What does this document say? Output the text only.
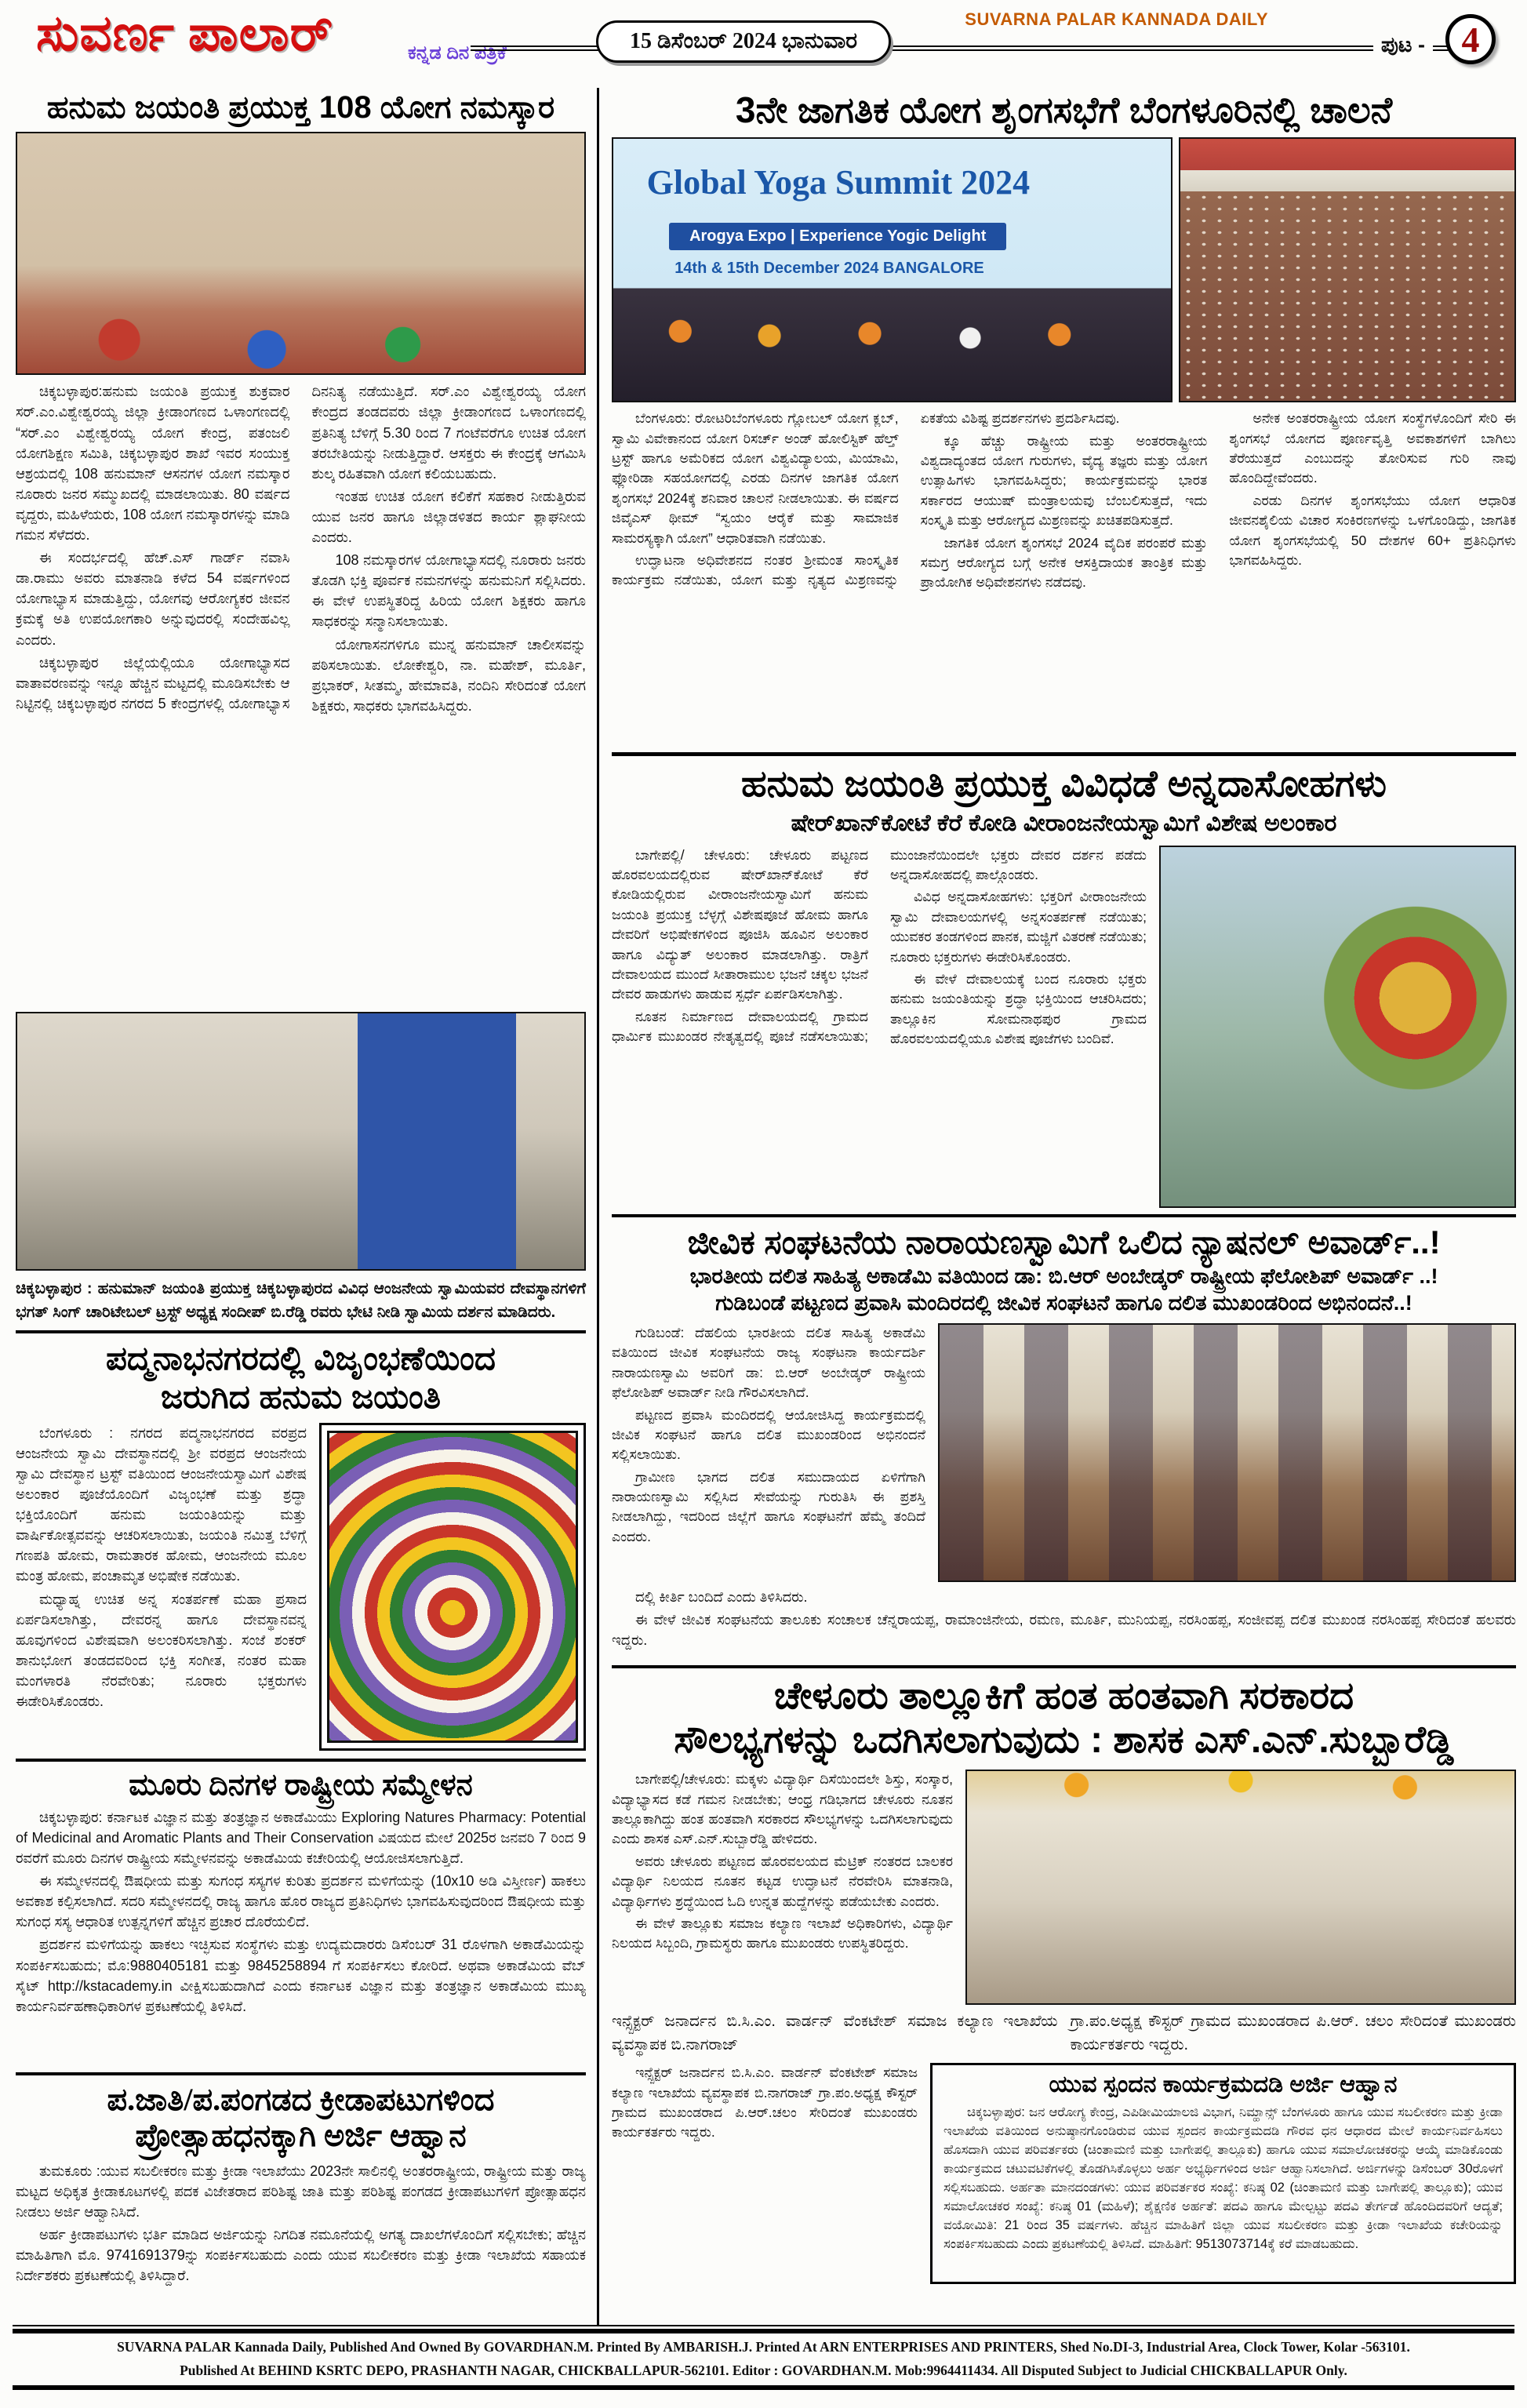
ಸುವರ್ಣ ಪಾಲಾರ್	ಕನ್ನಡ ದಿನ ಪತ್ರಿಕೆ	15 ಡಿಸೆಂಬರ್ 2024 ಭಾನುವಾರ
SUVARNA PALAR KANNADA DAILY
ಪುಟ -	4
ಹನುಮ ಜಯಂತಿ ಪ್ರಯುಕ್ತ 108 ಯೋಗ ನಮಸ್ಕಾರ

ಚಿಕ್ಕಬಳ್ಳಾಪುರ:ಹನುಮ ಜಯಂತಿ ಪ್ರಯುಕ್ತ ಶುಕ್ರವಾರ ಸರ್.ಎಂ.ವಿಶ್ವೇಶ್ವರಯ್ಯ ಜಿಲ್ಲಾ ಕ್ರೀಡಾಂಗಣದ ಒಳಾಂಗಣದಲ್ಲಿ “ಸರ್.ಎಂ ವಿಶ್ವೇಶ್ವರಯ್ಯ ಯೋಗ ಕೇಂದ್ರ, ಪತಂಜಲಿ ಯೋಗಶಿಕ್ಷಣ ಸಮಿತಿ, ಚಿಕ್ಕಬಳ್ಳಾಪುರ ಶಾಖೆ ಇವರ ಸಂಯುಕ್ತ ಆಶ್ರಯದಲ್ಲಿ 108 ಹನುಮಾನ್ ಆಸನಗಳ ಯೋಗ ನಮಸ್ಕಾರ ನೂರಾರು ಜನರ ಸಮ್ಮುಖದಲ್ಲಿ ಮಾಡಲಾಯಿತು. 80 ವರ್ಷದ ವೃದ್ದರು, ಮಹಿಳೆಯರು, 108 ಯೋಗ ನಮಸ್ಕಾರಗಳನ್ನು ಮಾಡಿ ಗಮನ ಸೆಳೆದರು.

ಈ ಸಂದರ್ಭದಲ್ಲಿ ಹೆಚ್.ಎಸ್ ಗಾರ್ಡ್ ನವಾಸಿ ಡಾ.ರಾಮು ಅವರು ಮಾತನಾಡಿ ಕಳೆದ 54 ವರ್ಷಗಳಿಂದ ಯೋಗಾಭ್ಯಾಸ ಮಾಡುತ್ತಿದ್ದು, ಯೋಗವು ಆರೋಗ್ಯಕರ ಜೀವನ ಕ್ರಮಕ್ಕೆ ಅತಿ ಉಪಯೋಗಕಾರಿ ಅನ್ನುವುದರಲ್ಲಿ ಸಂದೇಹವಿಲ್ಲ ಎಂದರು.

ಚಿಕ್ಕಬಳ್ಳಾಪುರ ಜಿಲ್ಲೆಯಲ್ಲಿಯೂ ಯೋಗಾಭ್ಯಾಸದ ವಾತಾವರಣವನ್ನು ಇನ್ನೂ ಹೆಚ್ಚಿನ ಮಟ್ಟದಲ್ಲಿ ಮೂಡಿಸಬೇಕು ಆ ನಿಟ್ಟಿನಲ್ಲಿ ಚಿಕ್ಕಬಳ್ಳಾಪುರ ನಗರದ 5 ಕೇಂದ್ರಗಳಲ್ಲಿ ಯೋಗಾಭ್ಯಾಸ ದಿನನಿತ್ಯ ನಡೆಯುತ್ತಿದೆ. ಸರ್.ಎಂ ವಿಶ್ವೇಶ್ವರಯ್ಯ ಯೋಗ ಕೇಂದ್ರದ ತಂಡದವರು ಜಿಲ್ಲಾ ಕ್ರೀಡಾಂಗಣದ ಒಳಾಂಗಣದಲ್ಲಿ ಪ್ರತಿನಿತ್ಯ ಬೆಳಿಗ್ಗೆ 5.30 ರಿಂದ 7 ಗಂಟೆವರೆಗೂ ಉಚಿತ ಯೋಗ ತರಬೇತಿಯನ್ನು ನೀಡುತ್ತಿದ್ದಾರೆ. ಆಸಕ್ತರು ಈ ಕೇಂದ್ರಕ್ಕೆ ಆಗಮಿಸಿ ಶುಲ್ಕ ರಹಿತವಾಗಿ ಯೋಗ ಕಲಿಯಬಹುದು.

ಇಂತಹ ಉಚಿತ ಯೋಗ ಕಲಿಕೆಗೆ ಸಹಕಾರ ನೀಡುತ್ತಿರುವ ಯುವ ಜನರ ಹಾಗೂ ಜಿಲ್ಲಾಡಳಿತದ ಕಾರ್ಯ ಶ್ಲಾಘನೀಯ ಎಂದರು.

108 ನಮಸ್ಕಾರಗಳ ಯೋಗಾಭ್ಯಾಸದಲ್ಲಿ ನೂರಾರು ಜನರು ತೊಡಗಿ ಭಕ್ತಿ ಪೂರ್ವಕ ನಮನಗಳನ್ನು ಹನುಮನಿಗೆ ಸಲ್ಲಿಸಿದರು. ಈ ವೇಳೆ ಉಪಸ್ಥಿತರಿದ್ದ ಹಿರಿಯ ಯೋಗ ಶಿಕ್ಷಕರು ಹಾಗೂ ಸಾಧಕರನ್ನು ಸನ್ಮಾನಿಸಲಾಯಿತು.

ಯೋಗಾಸನಗಳಿಗೂ ಮುನ್ನ ಹನುಮಾನ್ ಚಾಲೀಸವನ್ನು ಪಠಿಸಲಾಯಿತು. ಲೋಕೇಶ್ವರಿ, ನಾ. ಮಹೇಶ್, ಮೂರ್ತಿ, ಪ್ರಭಾಕರ್, ಸೀತಮ್ಮ, ಹೇಮಾವತಿ, ನಂದಿನಿ ಸೇರಿದಂತೆ ಯೋಗ ಶಿಕ್ಷಕರು, ಸಾಧಕರು ಭಾಗವಹಿಸಿದ್ದರು.

ಚಿಕ್ಕಬಳ್ಳಾಪುರ : ಹನುಮಾನ್ ಜಯಂತಿ ಪ್ರಯುಕ್ತ ಚಿಕ್ಕಬಳ್ಳಾಪುರದ ವಿವಿಧ ಆಂಜನೇಯ ಸ್ವಾಮಿಯವರ ದೇವಸ್ಥಾನಗಳಿಗೆ ಭಗತ್ ಸಿಂಗ್ ಚಾರಿಟೇಬಲ್ ಟ್ರಸ್ಟ್ ಅಧ್ಯಕ್ಷ ಸಂದೀಪ್ ಬಿ.ರೆಡ್ಡಿ ರವರು ಭೇಟಿ ನೀಡಿ ಸ್ವಾಮಿಯ ದರ್ಶನ ಮಾಡಿದರು.
ಪದ್ಮನಾಭನಗರದಲ್ಲಿ ವಿಜೃಂಭಣೆಯಿಂದ
ಜರುಗಿದ ಹನುಮ ಜಯಂತಿ

ಬೆಂಗಳೂರು : ನಗರದ ಪದ್ಮನಾಭನಗರದ ವರಪ್ರದ ಆಂಜನೇಯ ಸ್ವಾಮಿ ದೇವಸ್ಥಾನದಲ್ಲಿ ಶ್ರೀ ವರಪ್ರದ ಆಂಜನೇಯ ಸ್ವಾಮಿ ದೇವಸ್ಥಾನ ಟ್ರಸ್ಟ್ ವತಿಯಿಂದ ಆಂಜನೇಯಸ್ವಾಮಿಗೆ ವಿಶೇಷ ಅಲಂಕಾರ ಪೂಜೆಯೊಂದಿಗೆ ವಿಜೃಂಭಣೆ ಮತ್ತು ಶ್ರದ್ಧಾ ಭಕ್ತಿಯೊಂದಿಗೆ ಹನುಮ ಜಯಂತಿಯನ್ನು ಮತ್ತು ವಾರ್ಷಿಕೋತ್ಸವವನ್ನು ಆಚರಿಸಲಾಯಿತು, ಜಯಂತಿ ನಮಿತ್ತ ಬೆಳಿಗ್ಗೆ ಗಣಪತಿ ಹೋಮ, ರಾಮತಾರಕ ಹೋಮ, ಆಂಜನೇಯ ಮೂಲ ಮಂತ್ರ ಹೋಮ, ಪಂಚಾಮೃತ ಅಭಿಷೇಕ ನಡೆಯಿತು.

ಮಧ್ಯಾಹ್ನ ಉಚಿತ ಅನ್ನ ಸಂತರ್ಪಣೆ ಮಹಾ ಪ್ರಸಾದ ಏರ್ಪಡಿಸಲಾಗಿತ್ತು, ದೇವರನ್ನ ಹಾಗೂ ದೇವಸ್ಥಾನವನ್ನ ಹೂವುಗಳಿಂದ ವಿಶೇಷವಾಗಿ ಅಲಂಕರಿಸಲಾಗಿತ್ತು. ಸಂಜೆ ಶಂಕರ್ ಶಾನುಭೋಗ ತಂಡದವರಿಂದ ಭಕ್ತಿ ಸಂಗೀತ, ನಂತರ ಮಹಾ ಮಂಗಳಾರತಿ ನೆರವೇರಿತು; ನೂರಾರು ಭಕ್ತರುಗಳು ಈಡೇರಿಸಿಕೊಂಡರು.

ಮೂರು ದಿನಗಳ ರಾಷ್ಟ್ರೀಯ ಸಮ್ಮೇಳನ

ಚಿಕ್ಕಬಳ್ಳಾಪುರ: ಕರ್ನಾಟಕ ವಿಜ್ಞಾನ ಮತ್ತು ತಂತ್ರಜ್ಞಾನ ಅಕಾಡೆಮಿಯು Exploring Natures Pharmacy: Potential of Medicinal and Aromatic Plants and Their Conservation ವಿಷಯದ ಮೇಲೆ 2025ರ ಜನವರಿ 7 ರಿಂದ 9 ರವರೆಗೆ ಮೂರು ದಿನಗಳ ರಾಷ್ಟ್ರೀಯ ಸಮ್ಮೇಳನವನ್ನು ಅಕಾಡೆಮಿಯ ಕಚೇರಿಯಲ್ಲಿ ಆಯೋಜಿಸಲಾಗುತ್ತಿದೆ.

ಈ ಸಮ್ಮೇಳನದಲ್ಲಿ ಔಷಧೀಯ ಮತ್ತು ಸುಗಂಧ ಸಸ್ಯಗಳ ಕುರಿತು ಪ್ರದರ್ಶನ ಮಳಿಗೆಯನ್ನು (10x10 ಅಡಿ ವಿಸ್ತೀರ್ಣ) ಹಾಕಲು ಅವಕಾಶ ಕಲ್ಪಿಸಲಾಗಿದೆ. ಸದರಿ ಸಮ್ಮೇಳನದಲ್ಲಿ ರಾಜ್ಯ ಹಾಗೂ ಹೊರ ರಾಜ್ಯದ ಪ್ರತಿನಿಧಿಗಳು ಭಾಗವಹಿಸುವುದರಿಂದ ಔಷಧೀಯ ಮತ್ತು ಸುಗಂಧ ಸಸ್ಯ ಆಧಾರಿತ ಉತ್ಪನ್ನಗಳಿಗೆ ಹೆಚ್ಚಿನ ಪ್ರಚಾರ ದೊರೆಯಲಿದೆ.

ಪ್ರದರ್ಶನ ಮಳಿಗೆಯನ್ನು ಹಾಕಲು ಇಚ್ಛಿಸುವ ಸಂಸ್ಥೆಗಳು ಮತ್ತು ಉದ್ಯಮದಾರರು ಡಿಸೆಂಬರ್ 31 ರೊಳಗಾಗಿ ಅಕಾಡೆಮಿಯನ್ನು ಸಂಪರ್ಕಿಸಬಹುದು; ಮೊ:9880405181 ಮತ್ತು 9845258894 ಗೆ ಸಂಪರ್ಕಿಸಲು ಕೋರಿದೆ. ಅಥವಾ ಅಕಾಡೆಮಿಯ ವೆಬ್ ಸೈಟ್ http://kstacademy.in ವೀಕ್ಷಿಸಬಹುದಾಗಿದೆ ಎಂದು ಕರ್ನಾಟಕ ವಿಜ್ಞಾನ ಮತ್ತು ತಂತ್ರಜ್ಞಾನ ಅಕಾಡೆಮಿಯ ಮುಖ್ಯ ಕಾರ್ಯನಿರ್ವಹಣಾಧಿಕಾರಿಗಳ ಪ್ರಕಟಣೆಯಲ್ಲಿ ತಿಳಿಸಿದೆ.

ಪ.ಜಾತಿ/ಪ.ಪಂಗಡದ ಕ್ರೀಡಾಪಟುಗಳಿಂದ
ಪ್ರೋತ್ಸಾಹಧನಕ್ಕಾಗಿ ಅರ್ಜಿ ಆಹ್ವಾನ

ತುಮಕೂರು :ಯುವ ಸಬಲೀಕರಣ ಮತ್ತು ಕ್ರೀಡಾ ಇಲಾಖೆಯು 2023ನೇ ಸಾಲಿನಲ್ಲಿ ಅಂತರರಾಷ್ಟ್ರೀಯ, ರಾಷ್ಟ್ರೀಯ ಮತ್ತು ರಾಜ್ಯ ಮಟ್ಟದ ಅಧಿಕೃತ ಕ್ರೀಡಾಕೂಟಗಳಲ್ಲಿ ಪದಕ ವಿಜೇತರಾದ ಪರಿಶಿಷ್ಟ ಜಾತಿ ಮತ್ತು ಪರಿಶಿಷ್ಟ ಪಂಗಡದ ಕ್ರೀಡಾಪಟುಗಳಿಗೆ ಪ್ರೋತ್ಸಾಹಧನ ನೀಡಲು ಅರ್ಜಿ ಆಹ್ವಾನಿಸಿದೆ.

ಅರ್ಹ ಕ್ರೀಡಾಪಟುಗಳು ಭರ್ತಿ ಮಾಡಿದ ಅರ್ಜಿಯನ್ನು ನಿಗದಿತ ನಮೂನೆಯಲ್ಲಿ ಅಗತ್ಯ ದಾಖಲೆಗಳೊಂದಿಗೆ ಸಲ್ಲಿಸಬೇಕು; ಹೆಚ್ಚಿನ ಮಾಹಿತಿಗಾಗಿ ಮೊ. 9741691379ನ್ನು ಸಂಪರ್ಕಿಸಬಹುದು ಎಂದು ಯುವ ಸಬಲೀಕರಣ ಮತ್ತು ಕ್ರೀಡಾ ಇಲಾಖೆಯ ಸಹಾಯಕ ನಿರ್ದೇಶಕರು ಪ್ರಕಟಣೆಯಲ್ಲಿ ತಿಳಿಸಿದ್ದಾರೆ.

3ನೇ ಜಾಗತಿಕ ಯೋಗ ಶೃಂಗಸಭೆಗೆ ಬೆಂಗಳೂರಿನಲ್ಲಿ ಚಾಲನೆ
Global Yoga Summit 2024
Arogya Expo | Experience Yogic Delight
14th & 15th December 2024 BANGALORE

ಬೆಂಗಳೂರು: ರೋಟರಿಬೆಂಗಳೂರು ಗ್ಲೋಬಲ್ ಯೋಗ ಕ್ಲಬ್, ಸ್ವಾಮಿ ವಿವೇಕಾನಂದ ಯೋಗ ರಿಸರ್ಚ್ ಅಂಡ್ ಹೋಲಿಸ್ಟಿಕ್ ಹೆಲ್ತ್ ಟ್ರಸ್ಟ್ ಹಾಗೂ ಅಮೆರಿಕದ ಯೋಗ ವಿಶ್ವವಿದ್ಯಾಲಯ, ಮಿಯಾಮಿ, ಫ್ಲೋರಿಡಾ ಸಹಯೋಗದಲ್ಲಿ ಎರಡು ದಿನಗಳ ಜಾಗತಿಕ ಯೋಗ ಶೃಂಗಸಭೆ 2024ಕ್ಕೆ ಶನಿವಾರ ಚಾಲನೆ ನೀಡಲಾಯಿತು. ಈ ವರ್ಷದ ಜಿವೈಎಸ್ ಥೀಮ್ “ಸ್ವಯಂ ಆರೈಕೆ ಮತ್ತು ಸಾಮಾಜಿಕ ಸಾಮರಸ್ಯಕ್ಕಾಗಿ ಯೋಗ” ಆಧಾರಿತವಾಗಿ ನಡೆಯಿತು.

ಉದ್ಘಾಟನಾ ಅಧಿವೇಶನದ ನಂತರ ಶ್ರೀಮಂತ ಸಾಂಸ್ಕೃತಿಕ ಕಾರ್ಯಕ್ರಮ ನಡೆಯಿತು, ಯೋಗ ಮತ್ತು ನೃತ್ಯದ ಮಿಶ್ರಣವನ್ನು ಏಕತೆಯ ವಿಶಿಷ್ಟ ಪ್ರದರ್ಶನಗಳು ಪ್ರದರ್ಶಿಸಿದವು.

ಕ್ಕೂ ಹೆಚ್ಚು ರಾಷ್ಟ್ರೀಯ ಮತ್ತು ಅಂತರರಾಷ್ಟ್ರೀಯ ವಿಶ್ವದಾದ್ಯಂತದ ಯೋಗ ಗುರುಗಳು, ವೈದ್ಯ ತಜ್ಞರು ಮತ್ತು ಯೋಗ ಉತ್ಸಾಹಿಗಳು ಭಾಗವಹಿಸಿದ್ದರು; ಕಾರ್ಯಕ್ರಮವನ್ನು ಭಾರತ ಸರ್ಕಾರದ ಆಯುಷ್ ಮಂತ್ರಾಲಯವು ಬೆಂಬಲಿಸುತ್ತದೆ, ಇದು ಸಂಸ್ಕೃತಿ ಮತ್ತು ಆರೋಗ್ಯದ ಮಿಶ್ರಣವನ್ನು ಖಚಿತಪಡಿಸುತ್ತದೆ.

ಜಾಗತಿಕ ಯೋಗ ಶೃಂಗಸಭೆ 2024 ವೈದಿಕ ಪರಂಪರೆ ಮತ್ತು ಸಮಗ್ರ ಆರೋಗ್ಯದ ಬಗ್ಗೆ ಅನೇಕ ಆಸಕ್ತಿದಾಯಕ ತಾಂತ್ರಿಕ ಮತ್ತು ಪ್ರಾಯೋಗಿಕ ಅಧಿವೇಶನಗಳು ನಡೆದವು.

ಅನೇಕ ಅಂತರರಾಷ್ಟ್ರೀಯ ಯೋಗ ಸಂಸ್ಥೆಗಳೊಂದಿಗೆ ಸೇರಿ ಈ ಶೃಂಗಸಭೆ ಯೋಗದ ಪೂರ್ಣವೃತ್ತಿ ಅವಕಾಶಗಳಿಗೆ ಬಾಗಿಲು ತೆರೆಯುತ್ತದೆ ಎಂಬುದನ್ನು ತೋರಿಸುವ ಗುರಿ ನಾವು ಹೊಂದಿದ್ದೇವೆಂದರು.

ಎರಡು ದಿನಗಳ ಶೃಂಗಸಭೆಯು ಯೋಗ ಆಧಾರಿತ ಜೀವನಶೈಲಿಯ ವಿಚಾರ ಸಂಕಿರಣಗಳನ್ನು ಒಳಗೊಂಡಿದ್ದು, ಜಾಗತಿಕ ಯೋಗ ಶೃಂಗಸಭೆಯಲ್ಲಿ 50 ದೇಶಗಳ 60+ ಪ್ರತಿನಿಧಿಗಳು ಭಾಗವಹಿಸಿದ್ದರು.

ಹನುಮ ಜಯಂತಿ ಪ್ರಯುಕ್ತ ವಿವಿಧಡೆ ಅನ್ನದಾಸೋಹಗಳು
ಷೇರ್‌ಖಾನ್‌ಕೋಟೆ ಕೆರೆ ಕೋಡಿ ವೀರಾಂಜನೇಯಸ್ವಾಮಿಗೆ ವಿಶೇಷ ಅಲಂಕಾರ

ಬಾಗೇಪಲ್ಲಿ/ ಚೇಳೂರು: ಚೇಳೂರು ಪಟ್ಟಣದ ಹೊರವಲಯದಲ್ಲಿರುವ ಷೇರ್‌ಖಾನ್‌ಕೋಟೆ ಕೆರೆ ಕೋಡಿಯಲ್ಲಿರುವ ವೀರಾಂಜನೇಯಸ್ವಾಮಿಗೆ ಹನುಮ ಜಯಂತಿ ಪ್ರಯುಕ್ತ ಬೆಳ್ಳಗ್ಗೆ ವಿಶೇಷಪೂಜೆ ಹೋಮ ಹಾಗೂ ದೇವರಿಗೆ ಅಭಿಷೇಕಗಳಿಂದ ಪೂಜಿಸಿ ಹೂವಿನ ಅಲಂಕಾರ ಹಾಗೂ ವಿದ್ಯುತ್ ಅಲಂಕಾರ ಮಾಡಲಾಗಿತ್ತು. ರಾತ್ರಿಗೆ ದೇವಾಲಯದ ಮುಂದೆ ಸೀತಾರಾಮುಲ ಭಜನೆ ಚಕ್ಕಲ ಭಜನೆ ದೇವರ ಹಾಡುಗಳು ಹಾಡುವ ಸ್ಪರ್ಧೆ ಏರ್ಪಡಿಸಲಾಗಿತ್ತು.

ನೂತನ ನಿರ್ಮಾಣದ ದೇವಾಲಯದಲ್ಲಿ ಗ್ರಾಮದ ಧಾರ್ಮಿಕ ಮುಖಂಡರ ನೇತೃತ್ವದಲ್ಲಿ ಪೂಜೆ ನಡೆಸಲಾಯಿತು; ಮುಂಜಾನೆಯಿಂದಲೇ ಭಕ್ತರು ದೇವರ ದರ್ಶನ ಪಡೆದು ಅನ್ನದಾಸೋಹದಲ್ಲಿ ಪಾಲ್ಗೊಂಡರು.

ವಿವಿಧ ಅನ್ನದಾಸೋಹಗಳು: ಭಕ್ತರಿಗೆ ವೀರಾಂಜನೇಯ ಸ್ವಾಮಿ ದೇವಾಲಯಗಳಲ್ಲಿ ಅನ್ನಸಂತರ್ಪಣೆ ನಡೆಯಿತು; ಯುವಕರ ತಂಡಗಳಿಂದ ಪಾನಕ, ಮಜ್ಜಿಗೆ ವಿತರಣೆ ನಡೆಯಿತು; ನೂರಾರು ಭಕ್ತರುಗಳು ಈಡೇರಿಸಿಕೊಂಡರು.

ಈ ವೇಳೆ ದೇವಾಲಯಕ್ಕೆ ಬಂದ ನೂರಾರು ಭಕ್ತರು ಹನುಮ ಜಯಂತಿಯನ್ನು ಶ್ರದ್ಧಾ ಭಕ್ತಿಯಿಂದ ಆಚರಿಸಿದರು; ತಾಲ್ಲೂಕಿನ ಸೋಮನಾಥಪುರ ಗ್ರಾಮದ ಹೊರವಲಯದಲ್ಲಿಯೂ ವಿಶೇಷ ಪೂಜೆಗಳು ಬಂದಿವೆ.

ಜೀವಿಕ ಸಂಘಟನೆಯ ನಾರಾಯಣಸ್ವಾಮಿಗೆ ಒಲಿದ ನ್ಯಾಷನಲ್ ಅವಾರ್ಡ್..!
ಭಾರತೀಯ ದಲಿತ ಸಾಹಿತ್ಯ ಅಕಾಡೆಮಿ ವತಿಯಿಂದ ಡಾ: ಬಿ.ಆರ್ ಅಂಬೇಡ್ಕರ್ ರಾಷ್ಟ್ರೀಯ ಫೆಲೋಶಿಪ್ ಅವಾರ್ಡ್ ..!
ಗುಡಿಬಂಡೆ ಪಟ್ಟಣದ ಪ್ರವಾಸಿ ಮಂದಿರದಲ್ಲಿ ಜೀವಿಕ ಸಂಘಟನೆ ಹಾಗೂ ದಲಿತ ಮುಖಂಡರಿಂದ ಅಭಿನಂದನೆ..!

ಗುಡಿಬಂಡೆ: ದೆಹಲಿಯ ಭಾರತೀಯ ದಲಿತ ಸಾಹಿತ್ಯ ಅಕಾಡೆಮಿ ವತಿಯಿಂದ ಜೀವಿಕ ಸಂಘಟನೆಯ ರಾಜ್ಯ ಸಂಘಟನಾ ಕಾರ್ಯದರ್ಶಿ ನಾರಾಯಣಸ್ವಾಮಿ ಅವರಿಗೆ ಡಾ: ಬಿ.ಆರ್ ಅಂಬೇಡ್ಕರ್ ರಾಷ್ಟ್ರೀಯ ಫೆಲೋಶಿಪ್ ಅವಾರ್ಡ್ ನೀಡಿ ಗೌರವಿಸಲಾಗಿದೆ.

ಪಟ್ಟಣದ ಪ್ರವಾಸಿ ಮಂದಿರದಲ್ಲಿ ಆಯೋಜಿಸಿದ್ದ ಕಾರ್ಯಕ್ರಮದಲ್ಲಿ ಜೀವಿಕ ಸಂಘಟನೆ ಹಾಗೂ ದಲಿತ ಮುಖಂಡರಿಂದ ಅಭಿನಂದನೆ ಸಲ್ಲಿಸಲಾಯಿತು.

ಗ್ರಾಮೀಣ ಭಾಗದ ದಲಿತ ಸಮುದಾಯದ ಏಳಿಗೆಗಾಗಿ ನಾರಾಯಣಸ್ವಾಮಿ ಸಲ್ಲಿಸಿದ ಸೇವೆಯನ್ನು ಗುರುತಿಸಿ ಈ ಪ್ರಶಸ್ತಿ ನೀಡಲಾಗಿದ್ದು, ಇದರಿಂದ ಜಿಲ್ಲೆಗೆ ಹಾಗೂ ಸಂಘಟನೆಗೆ ಹೆಮ್ಮೆ ತಂದಿದೆ ಎಂದರು.

ದಲ್ಲಿ ಕೀರ್ತಿ ಬಂದಿದೆ ಎಂದು ತಿಳಿಸಿದರು.

ಈ ವೇಳೆ ಜೀವಿಕ ಸಂಘಟನೆಯ ತಾಲೂಕು ಸಂಚಾಲಕ ಚೆನ್ನರಾಯಪ್ಪ, ರಾಮಾಂಜಿನೇಯ, ರಮಣ, ಮೂರ್ತಿ, ಮುನಿಯಪ್ಪ, ನರಸಿಂಹಪ್ಪ, ಸಂಜೀವಪ್ಪ ದಲಿತ ಮುಖಂಡ ನರಸಿಂಹಪ್ಪ ಸೇರಿದಂತೆ ಹಲವರು ಇದ್ದರು.

ಚೇಳೂರು ತಾಲ್ಲೂಕಿಗೆ ಹಂತ ಹಂತವಾಗಿ ಸರಕಾರದ
ಸೌಲಭ್ಯಗಳನ್ನು ಒದಗಿಸಲಾಗುವುದು : ಶಾಸಕ ಎಸ್.ಎನ್.ಸುಬ್ಬಾರೆಡ್ಡಿ

ಬಾಗೇಪಲ್ಲಿ/ಚೇಳೂರು: ಮಕ್ಕಳು ವಿದ್ಯಾರ್ಥಿ ದಿಸೆಯಿಂದಲೇ ಶಿಸ್ತು, ಸಂಸ್ಕಾರ, ವಿದ್ಯಾಭ್ಯಾಸದ ಕಡೆ ಗಮನ ನೀಡಬೇಕು; ಆಂಧ್ರ ಗಡಿಭಾಗದ ಚೇಳೂರು ನೂತನ ತಾಲ್ಲೂಕಾಗಿದ್ದು ಹಂತ ಹಂತವಾಗಿ ಸರಕಾರದ ಸೌಲಭ್ಯಗಳನ್ನು ಒದಗಿಸಲಾಗುವುದು ಎಂದು ಶಾಸಕ ಎಸ್.ಎನ್.ಸುಬ್ಬಾರೆಡ್ಡಿ ಹೇಳಿದರು.

ಅವರು ಚೇಳೂರು ಪಟ್ಟಣದ ಹೊರವಲಯದ ಮೆಟ್ರಿಕ್ ನಂತರದ ಬಾಲಕರ ವಿದ್ಯಾರ್ಥಿ ನಿಲಯದ ನೂತನ ಕಟ್ಟಡ ಉದ್ಘಾಟನೆ ನೆರವೇರಿಸಿ ಮಾತನಾಡಿ, ವಿದ್ಯಾರ್ಥಿಗಳು ಶ್ರದ್ಧೆಯಿಂದ ಓದಿ ಉನ್ನತ ಹುದ್ದೆಗಳನ್ನು ಪಡೆಯಬೇಕು ಎಂದರು.

ಈ ವೇಳೆ ತಾಲ್ಲೂಕು ಸಮಾಜ ಕಲ್ಯಾಣ ಇಲಾಖೆ ಅಧಿಕಾರಿಗಳು, ವಿದ್ಯಾರ್ಥಿ ನಿಲಯದ ಸಿಬ್ಬಂದಿ, ಗ್ರಾಮಸ್ಥರು ಹಾಗೂ ಮುಖಂಡರು ಉಪಸ್ಥಿತರಿದ್ದರು.

ಇನ್ಸ್ಪೆಕ್ಟರ್ ಜನಾರ್ದನ ಬಿ.ಸಿ.ಎಂ. ವಾರ್ಡನ್ ವೆಂಕಟೇಶ್ ಸಮಾಜ ಕಲ್ಯಾಣ ಇಲಾಖೆಯ ವ್ಯವಸ್ಥಾಪಕ ಬಿ.ನಾಗರಾಜ್
ಗ್ರಾ.ಪಂ.ಅಧ್ಯಕ್ಷ ಕೌಸ್ಟರ್ ಗ್ರಾಮದ ಮುಖಂಡರಾದ ಪಿ.ಆರ್. ಚಲಂ ಸೇರಿದಂತೆ ಮುಖಂಡರು ಕಾರ್ಯಕರ್ತರು ಇದ್ದರು.

ಇನ್ಸ್ಪೆಕ್ಟರ್ ಜನಾರ್ದನ ಬಿ.ಸಿ.ಎಂ. ವಾರ್ಡನ್ ವೆಂಕಟೇಶ್ ಸಮಾಜ ಕಲ್ಯಾಣ ಇಲಾಖೆಯ ವ್ಯವಸ್ಥಾಪಕ ಬಿ.ನಾಗರಾಜ್ ಗ್ರಾ.ಪಂ.ಅಧ್ಯಕ್ಷ ಕೌಸ್ಟರ್ ಗ್ರಾಮದ ಮುಖಂಡರಾದ ಪಿ.ಆರ್.ಚಲಂ ಸೇರಿದಂತೆ ಮುಖಂಡರು ಕಾರ್ಯಕರ್ತರು ಇದ್ದರು.

ಯುವ ಸ್ಪಂದನ ಕಾರ್ಯಕ್ರಮದಡಿ ಅರ್ಜಿ ಆಹ್ವಾನ

ಚಿಕ್ಕಬಳ್ಳಾಪುರ: ಜನ ಆರೋಗ್ಯ ಕೇಂದ್ರ, ಎಪಿಡೀಮಿಯಾಲಜಿ ವಿಭಾಗ, ನಿಮ್ಹಾನ್ಸ್ ಬೆಂಗಳೂರು ಹಾಗೂ ಯುವ ಸಬಲೀಕರಣ ಮತ್ತು ಕ್ರೀಡಾ ಇಲಾಖೆಯ ವತಿಯಿಂದ ಅನುಷ್ಠಾನಗೊಂಡಿರುವ ಯುವ ಸ್ಪಂದನ ಕಾರ್ಯಕ್ರಮದಡಿ ಗೌರವ ಧನ ಆಧಾರದ ಮೇಲೆ ಕಾರ್ಯನಿರ್ವಹಿಸಲು ಹೊಸದಾಗಿ ಯುವ ಪರಿವರ್ತಕರು (ಚಿಂತಾಮಣಿ ಮತ್ತು ಬಾಗೇಪಲ್ಲಿ ತಾಲ್ಲೂಕು) ಹಾಗೂ ಯುವ ಸಮಾಲೋಚಕರನ್ನು ಆಯ್ಕೆ ಮಾಡಿಕೊಂಡು ಕಾರ್ಯಕ್ರಮದ ಚಟುವಟಿಕೆಗಳಲ್ಲಿ ತೊಡಗಿಸಿಕೊಳ್ಳಲು ಅರ್ಹ ಅಭ್ಯರ್ಥಿಗಳಿಂದ ಅರ್ಜಿ ಆಹ್ವಾನಿಸಲಾಗಿದೆ. ಅರ್ಜಿಗಳನ್ನು ಡಿಸೆಂಬರ್ 30ರೊಳಗೆ ಸಲ್ಲಿಸಬಹುದು. ಅರ್ಹತಾ ಮಾನದಂಡಗಳು: ಯುವ ಪರಿವರ್ತಕರ ಸಂಖ್ಯೆ: ಕನಿಷ್ಠ 02 (ಚಿಂತಾಮಣಿ ಮತ್ತು ಬಾಗೇಪಲ್ಲಿ ತಾಲ್ಲೂಕು); ಯುವ ಸಮಾಲೋಚಕರ ಸಂಖ್ಯೆ: ಕನಿಷ್ಠ 01 (ಮಹಿಳೆ); ಶೈಕ್ಷಣಿಕ ಅರ್ಹತೆ: ಪದವಿ ಹಾಗೂ ಮೇಲ್ಪಟ್ಟು ಪದವಿ ತೇರ್ಗಡೆ ಹೊಂದಿದವರಿಗೆ ಆದ್ಯತೆ; ವಯೋಮಿತಿ: 21 ರಿಂದ 35 ವರ್ಷಗಳು. ಹೆಚ್ಚಿನ ಮಾಹಿತಿಗೆ ಜಿಲ್ಲಾ ಯುವ ಸಬಲೀಕರಣ ಮತ್ತು ಕ್ರೀಡಾ ಇಲಾಖೆಯ ಕಚೇರಿಯನ್ನು ಸಂಪರ್ಕಿಸಬಹುದು ಎಂದು ಪ್ರಕಟಣೆಯಲ್ಲಿ ತಿಳಿಸಿದೆ. ಮಾಹಿತಿಗೆ: 9513073714ಕ್ಕೆ ಕರೆ ಮಾಡಬಹುದು.

SUVARNA PALAR Kannada Daily, Published And Owned By GOVARDHAN.M. Printed By AMBARISH.J. Printed At ARN ENTERPRISES AND PRINTERS, Shed No.DI-3, Industrial Area, Clock Tower, Kolar -563101.
Published At BEHIND KSRTC DEPO, PRASHANTH NAGAR, CHICKBALLAPUR-562101. Editor : GOVARDHAN.M. Mob:9964411434. All Disputed Subject to Judicial CHICKBALLAPUR Only.
